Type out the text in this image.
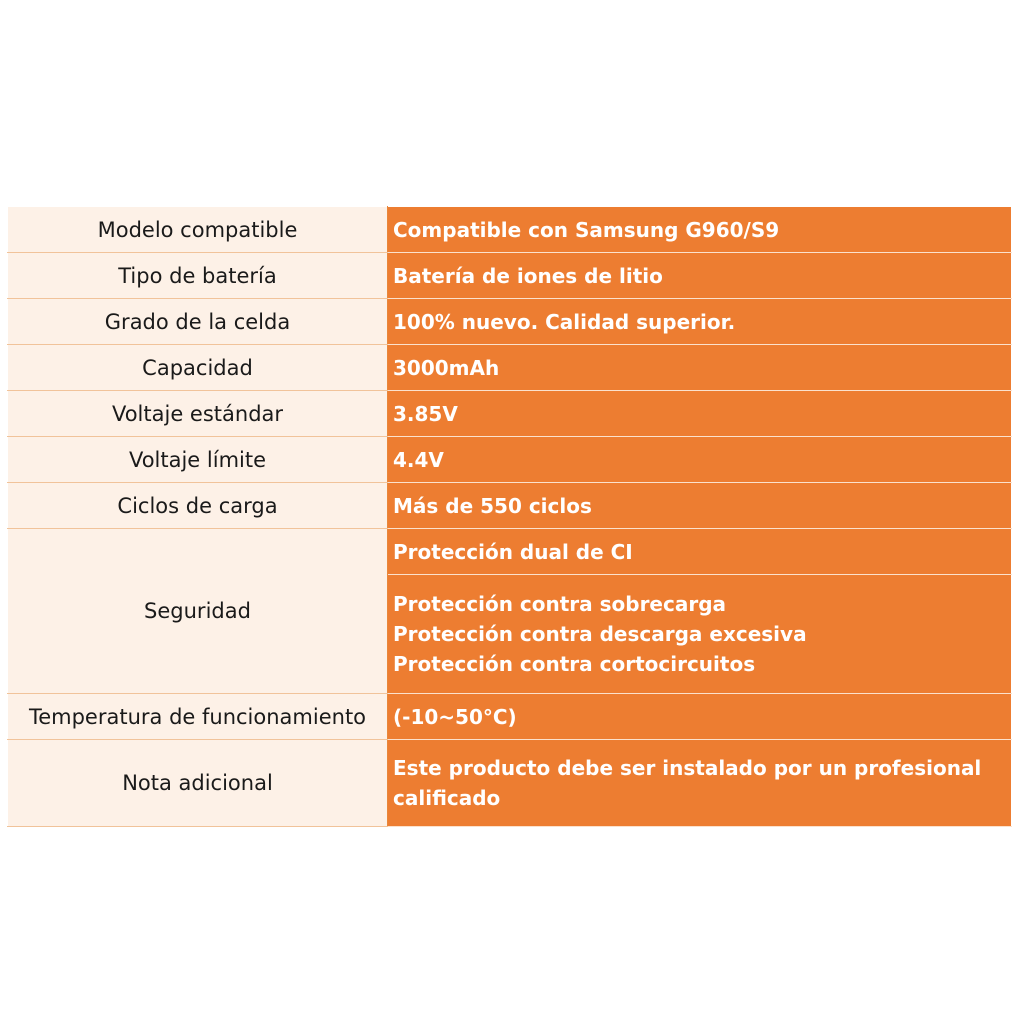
Modelo compatible	Compatible con Samsung G960/S9
Tipo de batería	Batería de iones de litio
Grado de la celda	100% nuevo. Calidad superior.
Capacidad	3000mAh
Voltaje estándar	3.85V
Voltaje límite	4.4V
Ciclos de carga	Más de 550 ciclos
Seguridad	Protección dual de CI

	Protección contra sobrecarga
Protección contra descarga excesiva
Protección contra cortocircuitos

Temperatura de funcionamiento	(-10~50°C)
Nota adicional	Este producto debe ser instalado por un profesional
calificado
